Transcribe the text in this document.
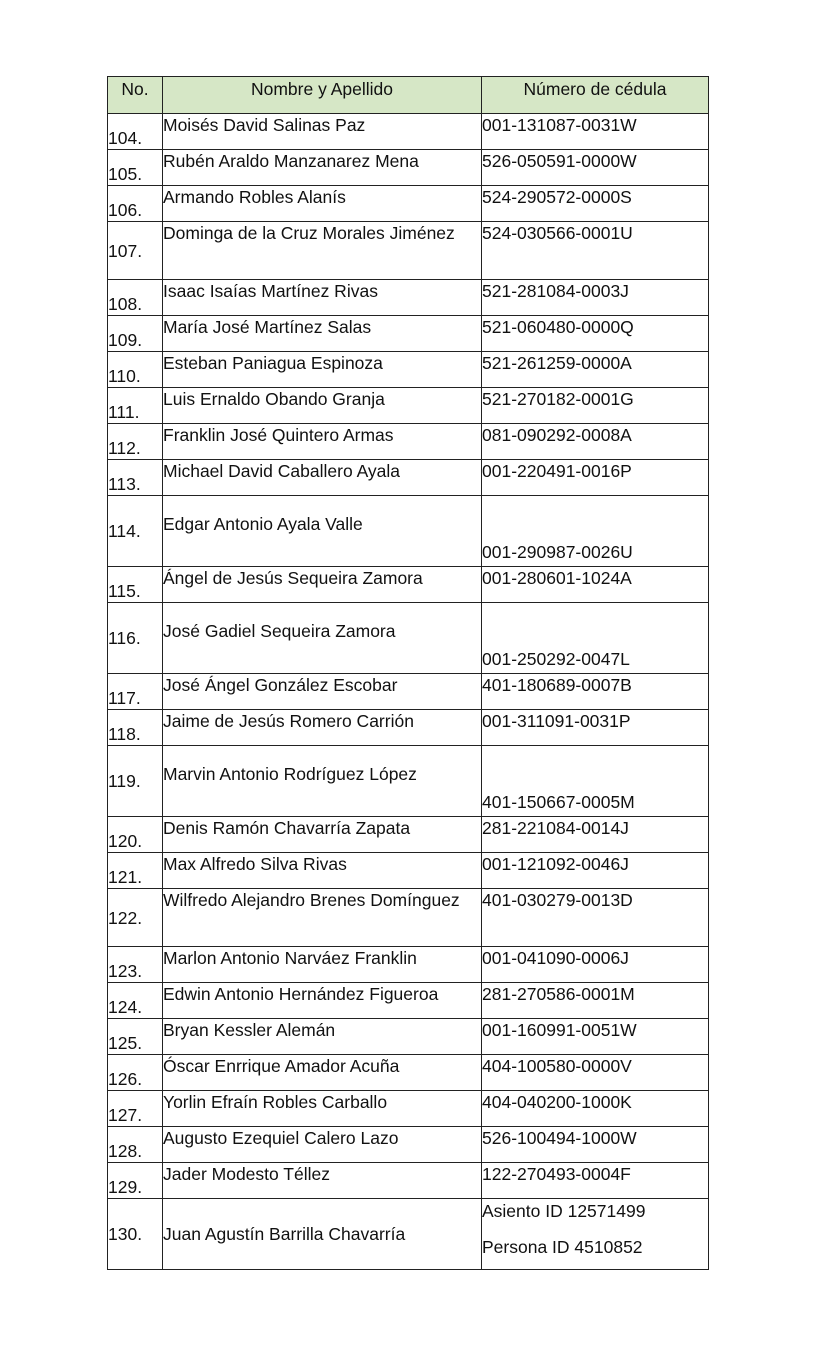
No.	Nombre y Apellido	Número de cédula
104.	Moisés David Salinas Paz	001-131087-0031W
105.	Rubén Araldo Manzanarez Mena	526-050591-0000W
106.	Armando Robles Alanís	524-290572-0000S
107.	Dominga de la Cruz Morales Jiménez	524-030566-0001U
108.	Isaac Isaías Martínez Rivas	521-281084-0003J
109.	María José Martínez Salas	521-060480-0000Q
110.	Esteban Paniagua Espinoza	521-261259-0000A
111.	Luis Ernaldo Obando Granja	521-270182-0001G
112.	Franklin José Quintero Armas	081-090292-0008A
113.	Michael David Caballero Ayala	001-220491-0016P
114.	Edgar Antonio Ayala Valle	001-290987-0026U
115.	Ángel de Jesús Sequeira Zamora	001-280601-1024A
116.	José Gadiel Sequeira Zamora	001-250292-0047L
117.	José Ángel González Escobar	401-180689-0007B
118.	Jaime de Jesús Romero Carrión	001-311091-0031P
119.	Marvin Antonio Rodríguez López	401-150667-0005M
120.	Denis Ramón Chavarría Zapata	281-221084-0014J
121.	Max Alfredo Silva Rivas	001-121092-0046J
122.	Wilfredo Alejandro Brenes Domínguez	401-030279-0013D
123.	Marlon Antonio Narváez Franklin	001-041090-0006J
124.	Edwin Antonio Hernández Figueroa	281-270586-0001M
125.	Bryan Kessler Alemán	001-160991-0051W
126.	Óscar Enrrique Amador Acuña	404-100580-0000V
127.	Yorlin Efraín Robles Carballo	404-040200-1000K
128.	Augusto Ezequiel Calero Lazo	526-100494-1000W
129.	Jader Modesto Téllez	122-270493-0004F
130.	Juan Agustín Barrilla Chavarría	Asiento ID 12571499
Persona ID 4510852
